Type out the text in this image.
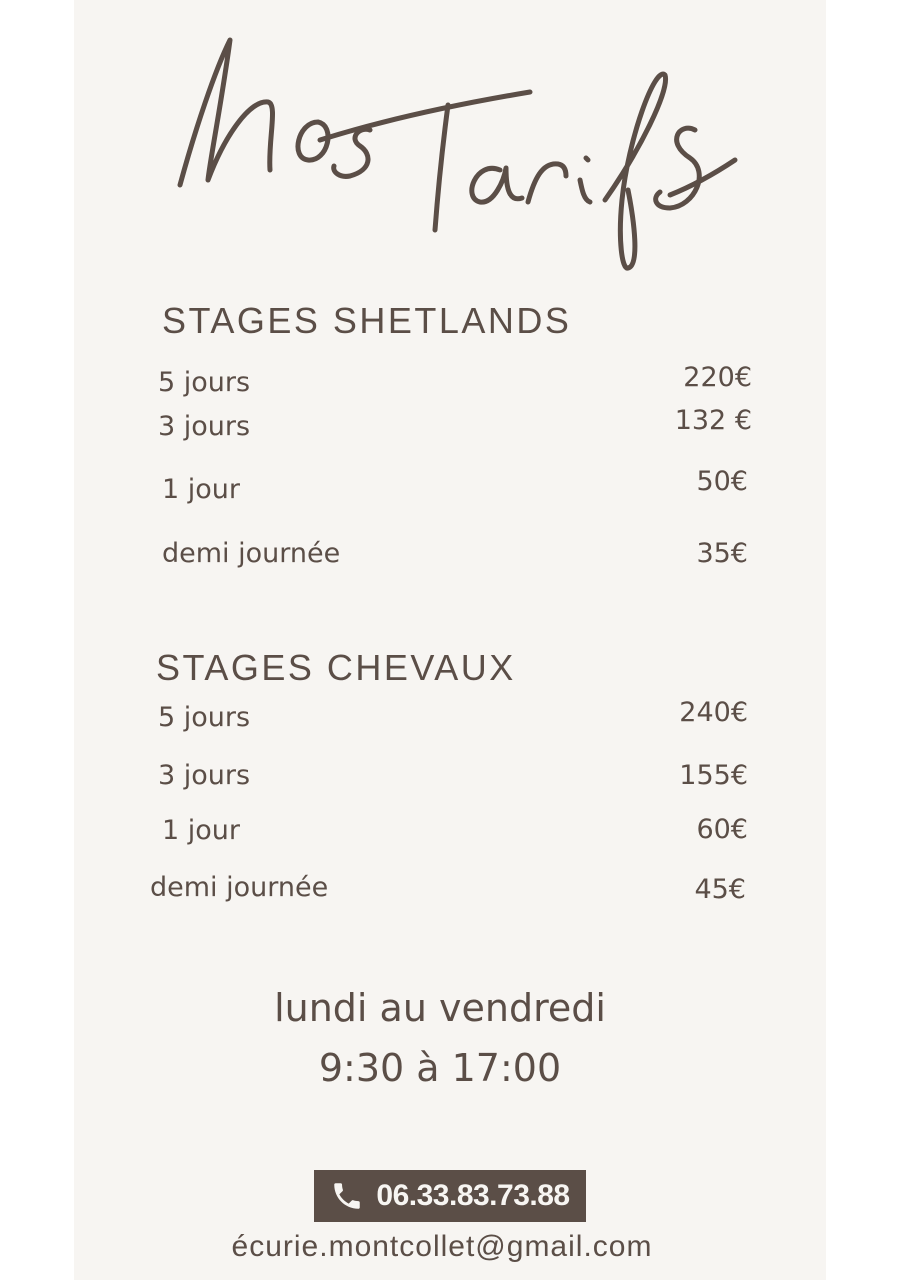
STAGES SHETLANDS
5 jours	220€
3 jours	132 €
1 jour	50€
demi journée	35€
STAGES CHEVAUX
5 jours	240€
3 jours	155€
1 jour	60€
demi journée	45€
lundi au vendredi
9:30 à 17:00
06.33.83.73.88
écurie.montcollet@gmail.com
